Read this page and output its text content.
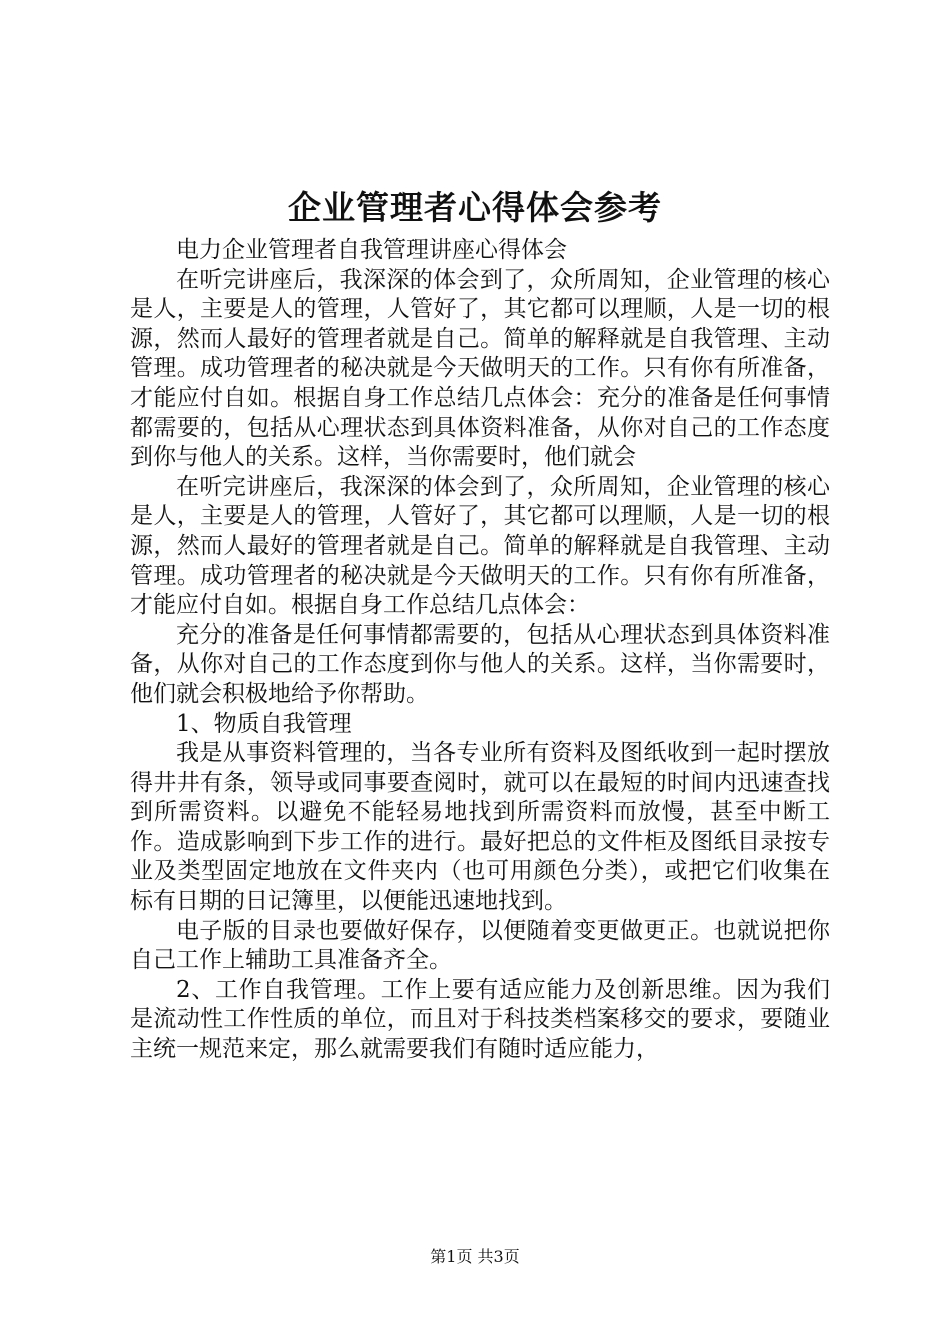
企业管理者心得体会参考

电力企业管理者自我管理讲座心得体会

在听完讲座后，我深深的体会到了，众所周知，企业管理的核心是人，主要是人的管理，人管好了，其它都可以理顺，人是一切的根源，然而人最好的管理者就是自己。简单的解释就是自我管理、主动管理。成功管理者的秘决就是今天做明天的工作。只有你有所准备，才能应付自如。根据自身工作总结几点体会：充分的准备是任何事情都需要的，包括从心理状态到具体资料准备，从你对自己的工作态度到你与他人的关系。这样，当你需要时，他们就会

在听完讲座后，我深深的体会到了，众所周知，企业管理的核心是人，主要是人的管理，人管好了，其它都可以理顺，人是一切的根源，然而人最好的管理者就是自己。简单的解释就是自我管理、主动管理。成功管理者的秘决就是今天做明天的工作。只有你有所准备，才能应付自如。根据自身工作总结几点体会：

充分的准备是任何事情都需要的，包括从心理状态到具体资料准备，从你对自己的工作态度到你与他人的关系。这样，当你需要时，他们就会积极地给予你帮助。

1、物质自我管理

我是从事资料管理的，当各专业所有资料及图纸收到一起时摆放得井井有条，领导或同事要查阅时，就可以在最短的时间内迅速查找到所需资料。以避免不能轻易地找到所需资料而放慢，甚至中断工作。造成影响到下步工作的进行。最好把总的文件柜及图纸目录按专业及类型固定地放在文件夹内（也可用颜色分类），或把它们收集在标有日期的日记簿里，以便能迅速地找到。

电子版的目录也要做好保存，以便随着变更做更正。也就说把你自己工作上辅助工具准备齐全。

2、工作自我管理。工作上要有适应能力及创新思维。因为我们是流动性工作性质的单位，而且对于科技类档案移交的要求，要随业主统一规范来定，那么就需要我们有随时适应能力，

第1页 共3页
